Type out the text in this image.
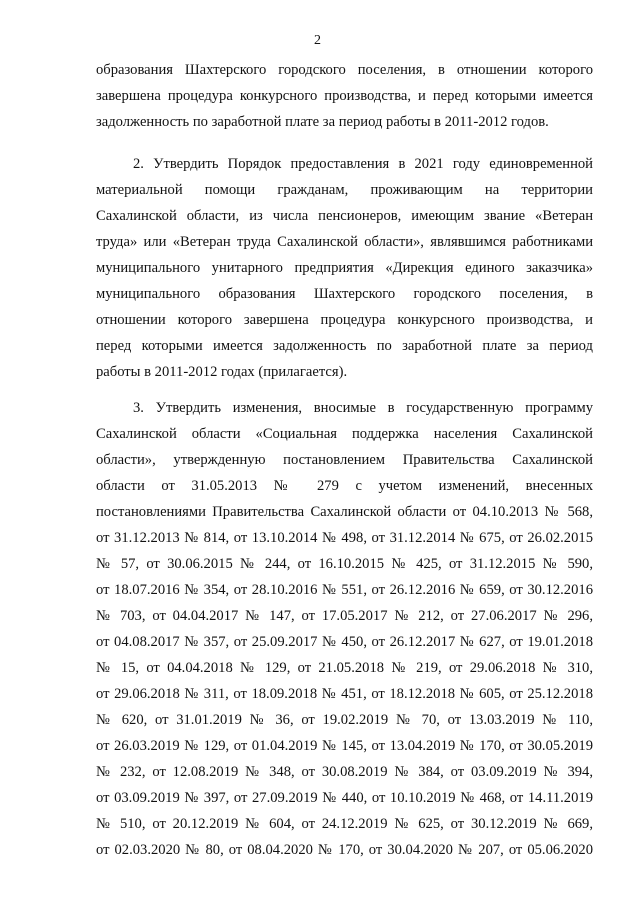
2
образования Шахтерского городского поселения, в отношении которого
завершена процедура конкурсного производства, и перед которыми имеется
задолженность по заработной плате за период работы в 2011-2012 годов.
2. Утвердить Порядок предоставления в 2021 году единовременной
материальной помощи гражданам, проживающим на территории
Сахалинской области, из числа пенсионеров, имеющим звание «Ветеран
труда» или «Ветеран труда Сахалинской области», являвшимся работниками
муниципального унитарного предприятия «Дирекция единого заказчика»
муниципального образования Шахтерского городского поселения, в
отношении которого завершена процедура конкурсного производства, и
перед которыми имеется задолженность по заработной плате за период
работы в 2011-2012 годах (прилагается).
3. Утвердить изменения, вносимые в государственную программу
Сахалинской области «Социальная поддержка населения Сахалинской
области», утвержденную постановлением Правительства Сахалинской
области от 31.05.2013 № 279 с учетом изменений, внесенных
постановлениями Правительства Сахалинской области от 04.10.2013 № 568,
от 31.12.2013 № 814, от 13.10.2014 № 498, от 31.12.2014 № 675, от 26.02.2015
№ 57, от 30.06.2015 № 244, от 16.10.2015 № 425, от 31.12.2015 № 590,
от 18.07.2016 № 354, от 28.10.2016 № 551, от 26.12.2016 № 659, от 30.12.2016
№ 703, от 04.04.2017 № 147, от 17.05.2017 № 212, от 27.06.2017 № 296,
от 04.08.2017 № 357, от 25.09.2017 № 450, от 26.12.2017 № 627, от 19.01.2018
№ 15, от 04.04.2018 № 129, от 21.05.2018 № 219, от 29.06.2018 № 310,
от 29.06.2018 № 311, от 18.09.2018 № 451, от 18.12.2018 № 605, от 25.12.2018
№ 620, от 31.01.2019 № 36, от 19.02.2019 № 70, от 13.03.2019 № 110,
от 26.03.2019 № 129, от 01.04.2019 № 145, от 13.04.2019 № 170, от 30.05.2019
№ 232, от 12.08.2019 № 348, от 30.08.2019 № 384, от 03.09.2019 № 394,
от 03.09.2019 № 397, от 27.09.2019 № 440, от 10.10.2019 № 468, от 14.11.2019
№ 510, от 20.12.2019 № 604, от 24.12.2019 № 625, от 30.12.2019 № 669,
от 02.03.2020 № 80, от 08.04.2020 № 170, от 30.04.2020 № 207, от 05.06.2020
